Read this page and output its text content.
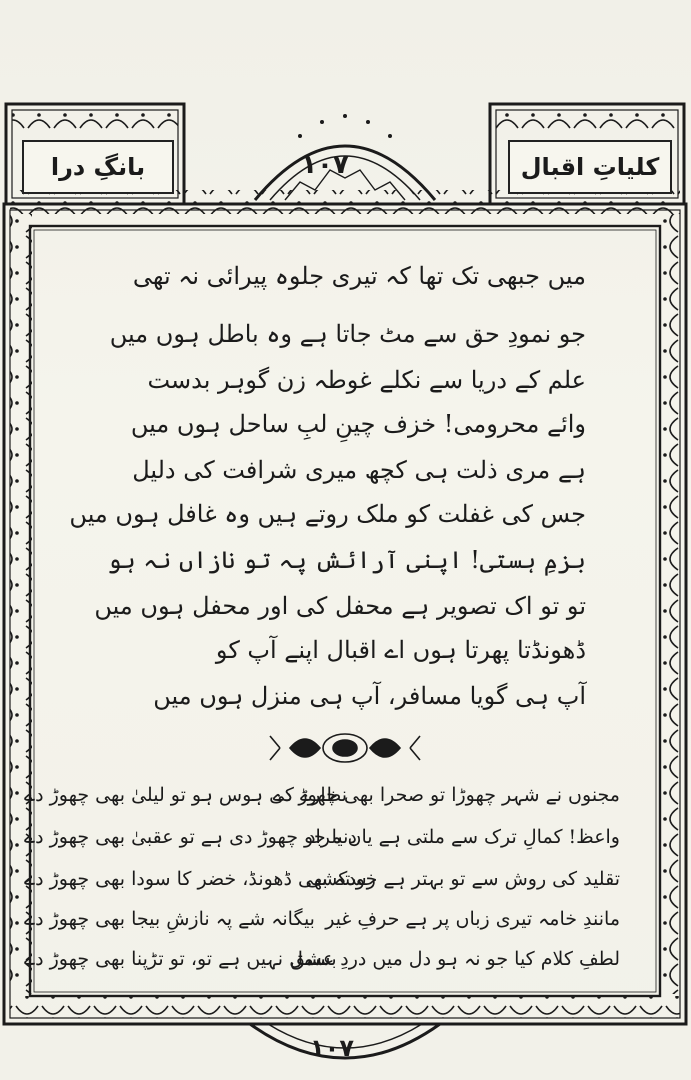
بانگِ درا	کلیاتِ اقبال
۱۰۷
میں جبھی تک تھا کہ تیری جلوہ پیرائی نہ تھی
جو نمودِ حق سے مٹ جاتا ہے وہ باطل ہوں میں
علم کے دریا سے نکلے غوطہ زن گوہر بدست
وائے محرومی! خزف چینِ لبِ ساحل ہوں میں
ہے مری ذلت ہی کچھ میری شرافت کی دلیل
جس کی غفلت کو ملک روتے ہیں وہ غافل ہوں میں
بزمِ ہستی! اپنی آرائش پہ تو نازاں نہ ہو
تو تو اک تصویر ہے محفل کی اور محفل ہوں میں
ڈھونڈتا پھرتا ہوں اے اقبال اپنے آپ کو
آپ ہی گویا مسافر، آپ ہی منزل ہوں میں
مجنوں نے شہر چھوڑا تو صحرا بھی چھوڑ دے
نظارے کی ہوس ہو تو لیلیٰ بھی چھوڑ دے
واعظ! کمالِ ترک سے ملتی ہے یاں مراد
دنیا جو چھوڑ دی ہے تو عقبیٰ بھی چھوڑ دے
تقلید کی روش سے تو بہتر ہے خودکشی
رستہ بھی ڈھونڈ، خضر کا سودا بھی چھوڑ دے
مانندِ خامہ تیری زباں پر ہے حرفِ غیر
بیگانہ شے پہ نازشِ بیجا بھی چھوڑ دے
لطفِ کلام کیا جو نہ ہو دل میں دردِ عشق
بسمل نہیں ہے تو، تو تڑپنا بھی چھوڑ دے
۱۰۷
